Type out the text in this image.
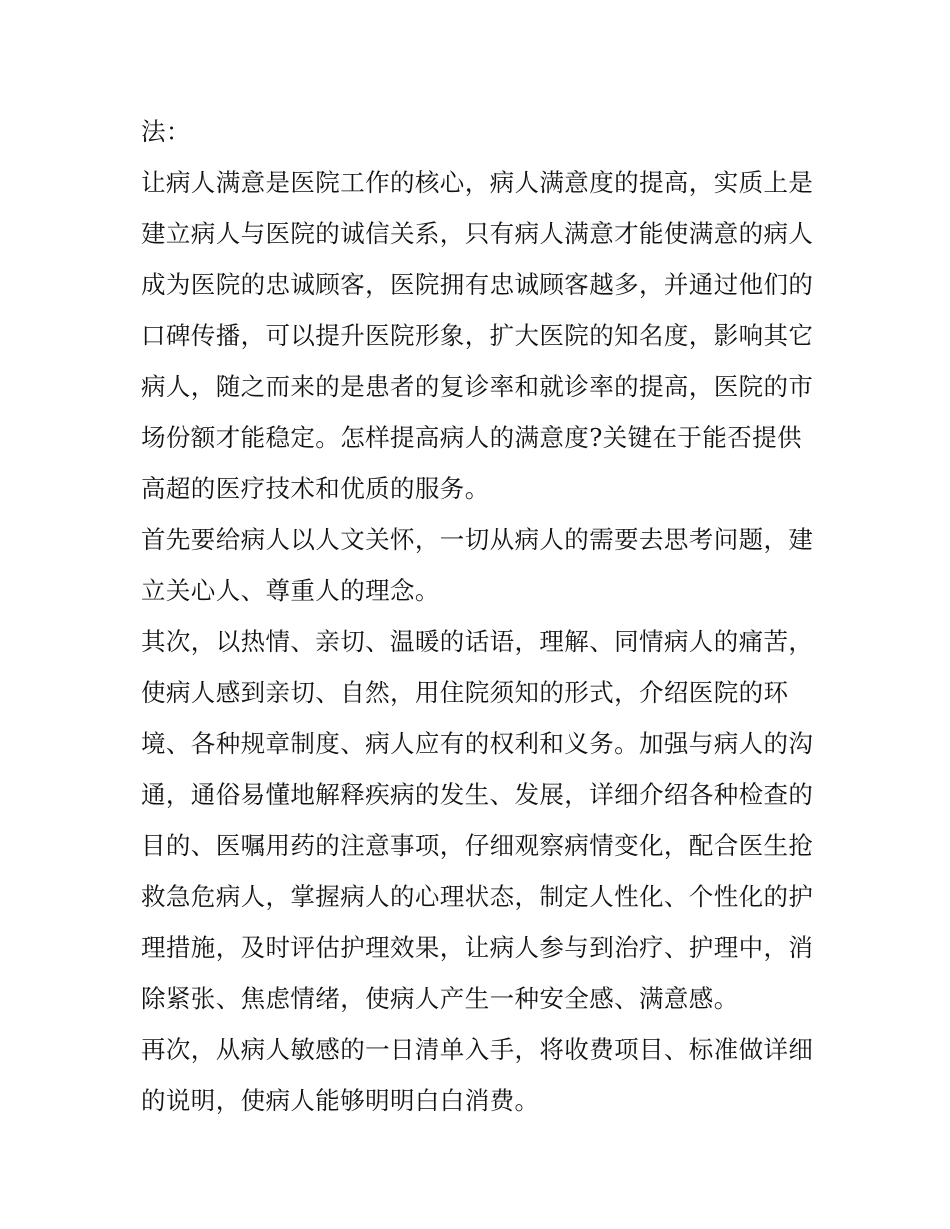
法：
让病人满意是医院工作的核心，病人满意度的提高，实质上是
建立病人与医院的诚信关系，只有病人满意才能使满意的病人
成为医院的忠诚顾客，医院拥有忠诚顾客越多，并通过他们的
口碑传播，可以提升医院形象，扩大医院的知名度，影响其它
病人，随之而来的是患者的复诊率和就诊率的提高，医院的市
场份额才能稳定。怎样提高病人的满意度?关键在于能否提供
高超的医疗技术和优质的服务。
首先要给病人以人文关怀，一切从病人的需要去思考问题，建
立关心人、尊重人的理念。
其次，以热情、亲切、温暖的话语，理解、同情病人的痛苦，
使病人感到亲切、自然，用住院须知的形式，介绍医院的环
境、各种规章制度、病人应有的权利和义务。加强与病人的沟
通，通俗易懂地解释疾病的发生、发展，详细介绍各种检查的
目的、医嘱用药的注意事项，仔细观察病情变化，配合医生抢
救急危病人，掌握病人的心理状态，制定人性化、个性化的护
理措施，及时评估护理效果，让病人参与到治疗、护理中，消
除紧张、焦虑情绪，使病人产生一种安全感、满意感。
再次，从病人敏感的一日清单入手，将收费项目、标准做详细
的说明，使病人能够明明白白消费。
